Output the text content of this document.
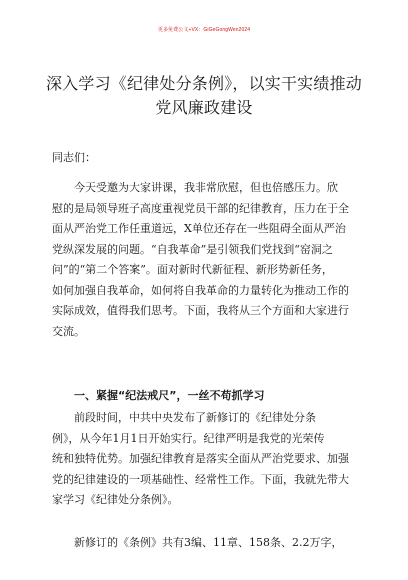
更多免费公文+VX：GiGeGongWen2024
深入学习《纪律处分条例》，以实干实绩推动
党风廉政建设
同志们：
今天受邀为大家讲课，我非常欣慰，但也倍感压力。欣
慰的是局领导班子高度重视党员干部的纪律教育，压力在于全
面从严治党工作任重道远，X单位还存在一些阻碍全面从严治
党纵深发展的问题。“自我革命”是引领我们党找到“窑洞之
问”的“第二个答案”。面对新时代新征程、新形势新任务，
如何加强自我革命，如何将自我革命的力量转化为推动工作的
实际成效，值得我们思考。下面，我将从三个方面和大家进行
交流。
一、紧握“纪法戒尺”，一丝不苟抓学习
前段时间，中共中央发布了新修订的《纪律处分条
例》，从今年1月1日开始实行。纪律严明是我党的光荣传
统和独特优势。加强纪律教育是落实全面从严治党要求、加强
党的纪律建设的一项基础性、经常性工作。下面，我就先带大
家学习《纪律处分条例》。
新修订的《条例》共有3编、11章、158条、2.2万字，
